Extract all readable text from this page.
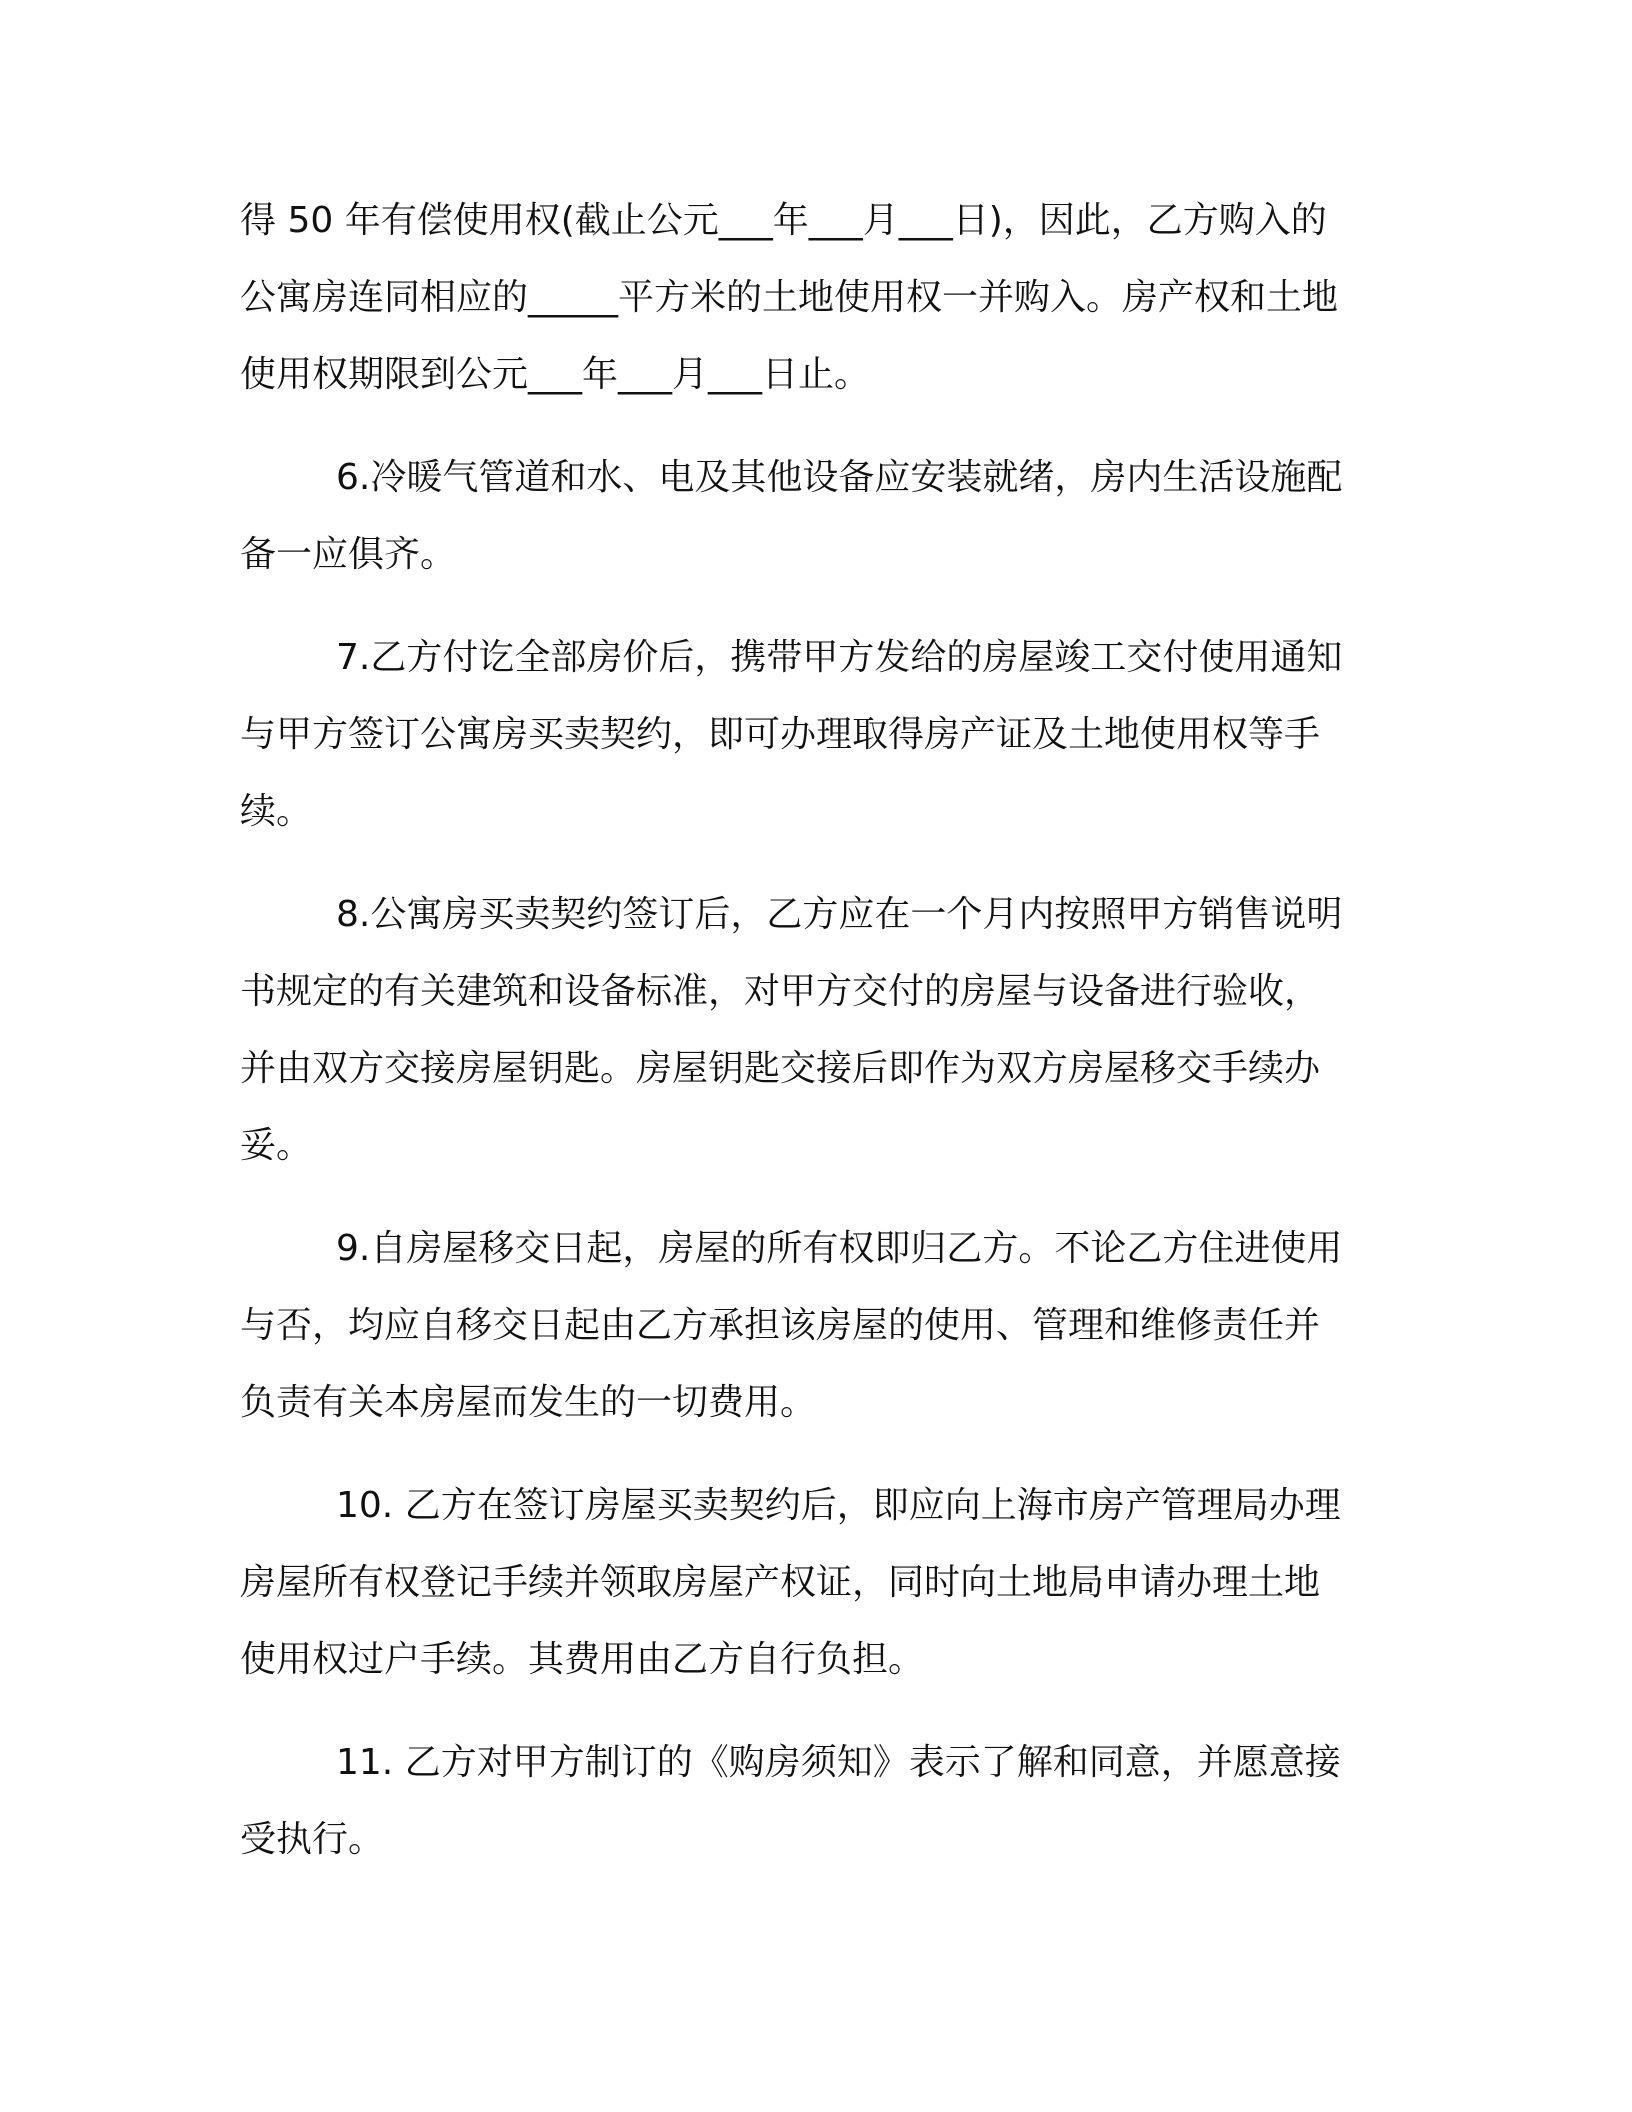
得 50 年有偿使用权(截止公元___年___月___日)，因此，乙方购入的
公寓房连同相应的_____平方米的土地使用权一并购入。房产权和土地
使用权期限到公元___年___月___日止。
6.冷暖气管道和水、电及其他设备应安装就绪，房内生活设施配
备一应俱齐。
7.乙方付讫全部房价后，携带甲方发给的房屋竣工交付使用通知
与甲方签订公寓房买卖契约，即可办理取得房产证及土地使用权等手
续。
8.公寓房买卖契约签订后，乙方应在一个月内按照甲方销售说明
书规定的有关建筑和设备标准，对甲方交付的房屋与设备进行验收，
并由双方交接房屋钥匙。房屋钥匙交接后即作为双方房屋移交手续办
妥。
9.自房屋移交日起，房屋的所有权即归乙方。不论乙方住进使用
与否，均应自移交日起由乙方承担该房屋的使用、管理和维修责任并
负责有关本房屋而发生的一切费用。
10. 乙方在签订房屋买卖契约后，即应向上海市房产管理局办理
房屋所有权登记手续并领取房屋产权证，同时向土地局申请办理土地
使用权过户手续。其费用由乙方自行负担。
11. 乙方对甲方制订的《购房须知》表示了解和同意，并愿意接
受执行。
